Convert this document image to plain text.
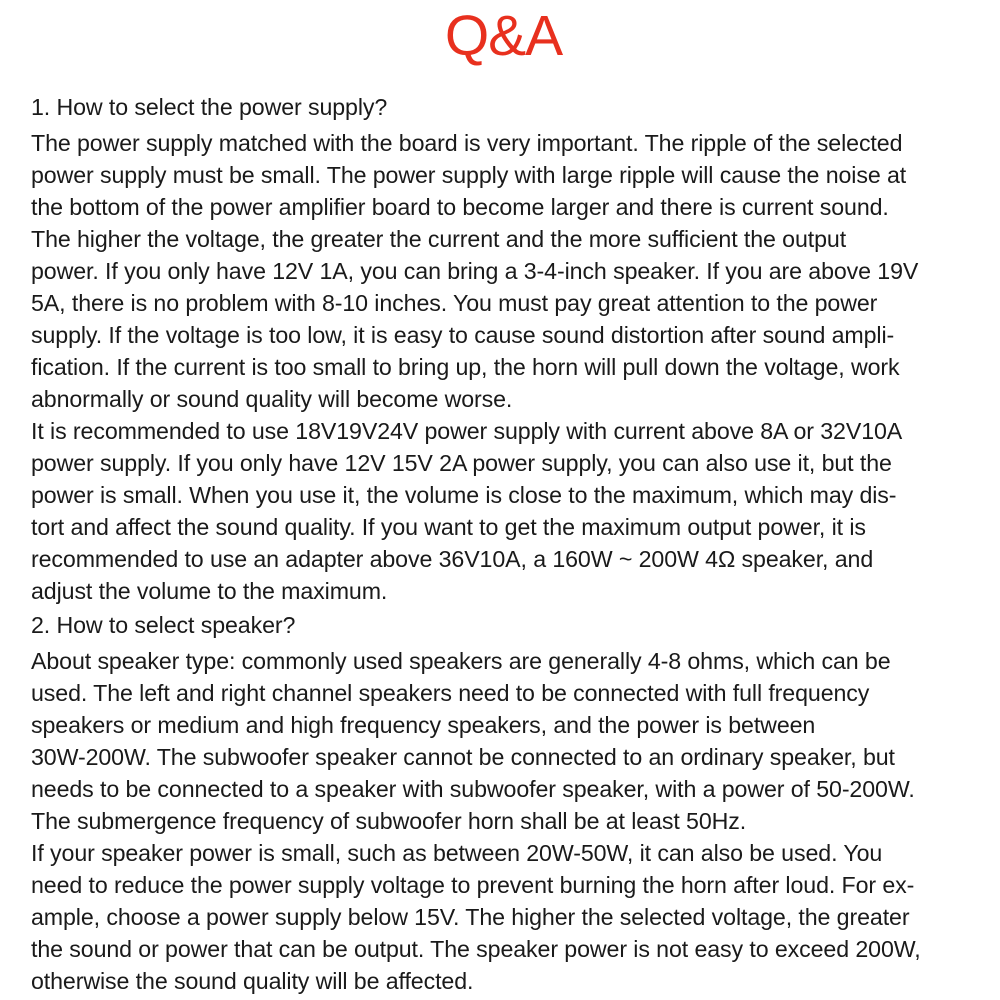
Q&A
1. How to select the power supply?
The power supply matched with the board is very important. The ripple of the selected
power supply must be small. The power supply with large ripple will cause the noise at
the bottom of the power amplifier board to become larger and there is current sound.
The higher the voltage, the greater the current and the more sufficient the output
power. If you only have 12V 1A, you can bring a 3-4-inch speaker. If you are above 19V
5A, there is no problem with 8-10 inches. You must pay great attention to the power
supply. If the voltage is too low, it is easy to cause sound distortion after sound ampli-
fication. If the current is too small to bring up, the horn will pull down the voltage, work
abnormally or sound quality will become worse.
It is recommended to use 18V19V24V power supply with current above 8A or 32V10A
power supply. If you only have 12V 15V 2A power supply, you can also use it, but the
power is small. When you use it, the volume is close to the maximum, which may dis-
tort and affect the sound quality. If you want to get the maximum output power, it is
recommended to use an adapter above 36V10A, a 160W ~ 200W 4Ω speaker, and
adjust the volume to the maximum.
2. How to select speaker?
About speaker type: commonly used speakers are generally 4-8 ohms, which can be
used. The left and right channel speakers need to be connected with full frequency
speakers or medium and high frequency speakers, and the power is between
30W-200W. The subwoofer speaker cannot be connected to an ordinary speaker, but
needs to be connected to a speaker with subwoofer speaker, with a power of 50-200W.
The submergence frequency of subwoofer horn shall be at least 50Hz.
If your speaker power is small, such as between 20W-50W, it can also be used. You
need to reduce the power supply voltage to prevent burning the horn after loud. For ex-
ample, choose a power supply below 15V. The higher the selected voltage, the greater
the sound or power that can be output. The speaker power is not easy to exceed 200W,
otherwise the sound quality will be affected.
